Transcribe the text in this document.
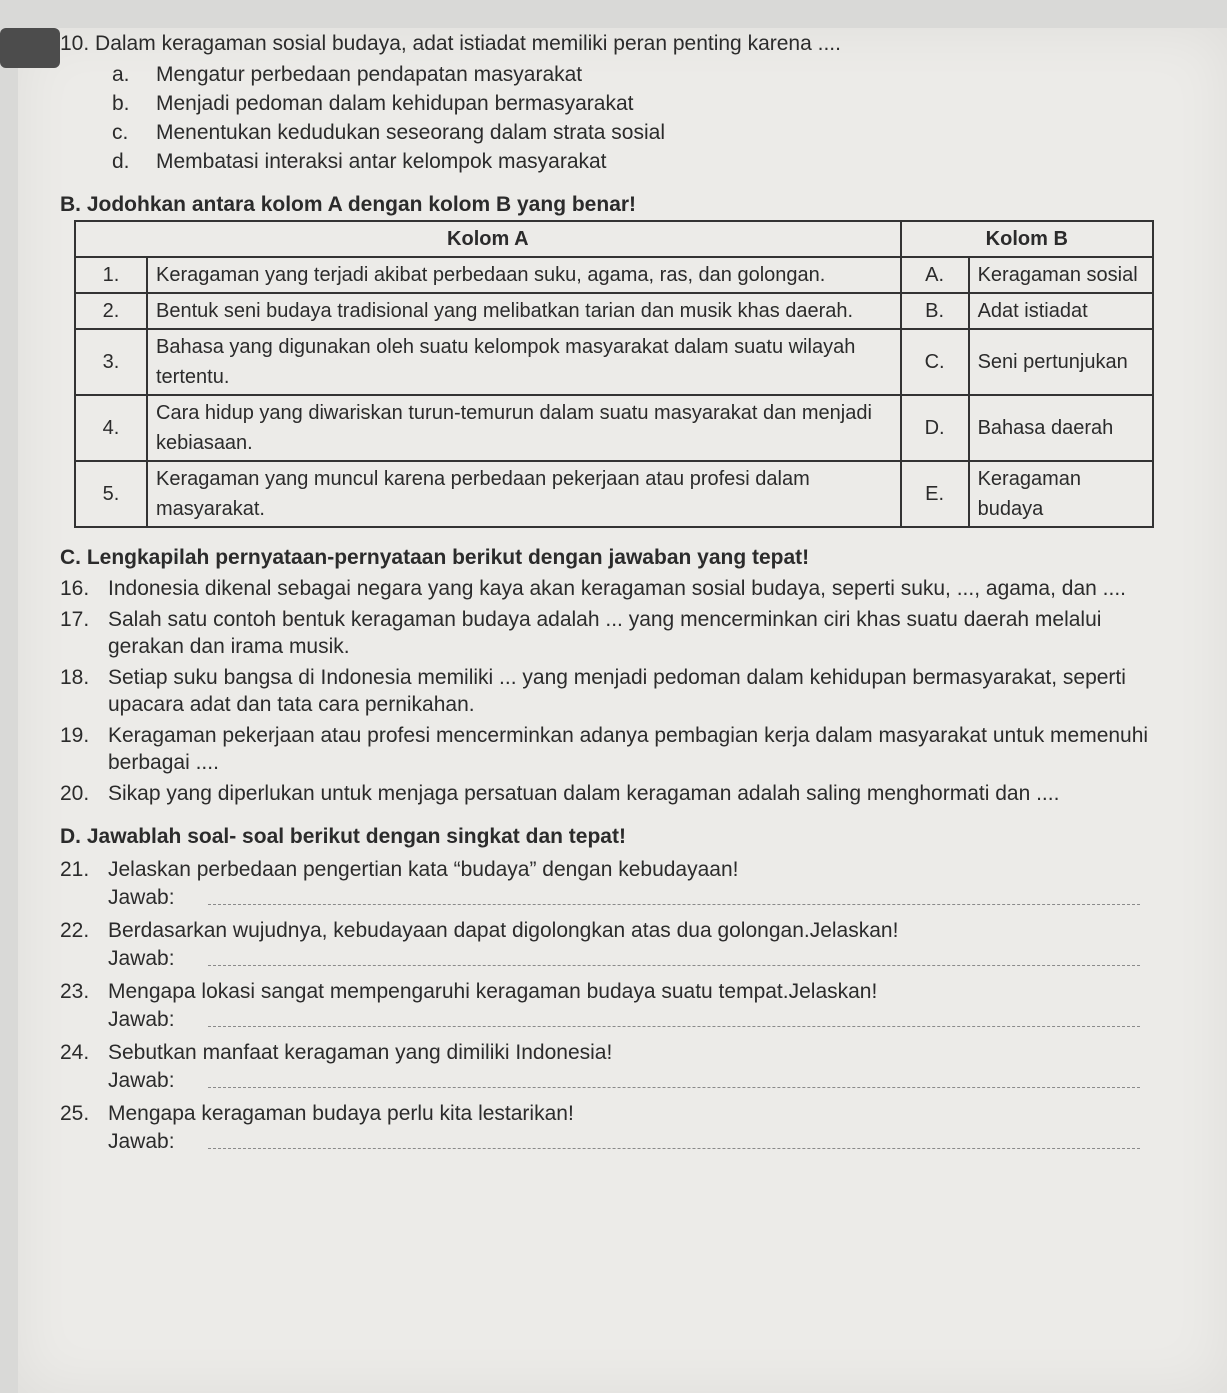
10. Dalam keragaman sosial budaya, adat istiadat memiliki peran penting karena ....
a. Mengatur perbedaan pendapatan masyarakat
b. Menjadi pedoman dalam kehidupan bermasyarakat
c. Menentukan kedudukan seseorang dalam strata sosial
d. Membatasi interaksi antar kelompok masyarakat
B. Jodohkan antara kolom A dengan kolom B yang benar!
Kolom A		Kolom B	
1.	Keragaman yang terjadi akibat perbedaan suku, agama, ras, dan golongan.	A.	Keragaman sosial
2.	Bentuk seni budaya tradisional yang melibatkan tarian dan musik khas daerah.	B.	Adat istiadat
3.	Bahasa yang digunakan oleh suatu kelompok masyarakat dalam suatu wilayah tertentu.	C.	Seni pertunjukan
4.	Cara hidup yang diwariskan turun-temurun dalam suatu masyarakat dan menjadi kebiasaan.	D.	Bahasa daerah
5.	Keragaman yang muncul karena perbedaan pekerjaan atau profesi dalam masyarakat.	E.	Keragaman budaya
C. Lengkapilah pernyataan-pernyataan berikut dengan jawaban yang tepat!
16. Indonesia dikenal sebagai negara yang kaya akan keragaman sosial budaya, seperti suku, ..., agama, dan ....
17. Salah satu contoh bentuk keragaman budaya adalah ... yang mencerminkan ciri khas suatu daerah melalui gerakan dan irama musik.
18. Setiap suku bangsa di Indonesia memiliki ... yang menjadi pedoman dalam kehidupan bermasyarakat, seperti upacara adat dan tata cara pernikahan.
19. Keragaman pekerjaan atau profesi mencerminkan adanya pembagian kerja dalam masyarakat untuk memenuhi berbagai ....
20. Sikap yang diperlukan untuk menjaga persatuan dalam keragaman adalah saling menghormati dan ....
D. Jawablah soal- soal berikut dengan singkat dan tepat!
21. Jelaskan perbedaan pengertian kata “budaya” dengan kebudayaan!
Jawab:
22. Berdasarkan wujudnya, kebudayaan dapat digolongkan atas dua golongan.Jelaskan!
Jawab:
23. Mengapa lokasi sangat mempengaruhi keragaman budaya suatu tempat.Jelaskan!
Jawab:
24. Sebutkan manfaat keragaman yang dimiliki Indonesia!
Jawab:
25. Mengapa keragaman budaya perlu kita lestarikan!
Jawab:
